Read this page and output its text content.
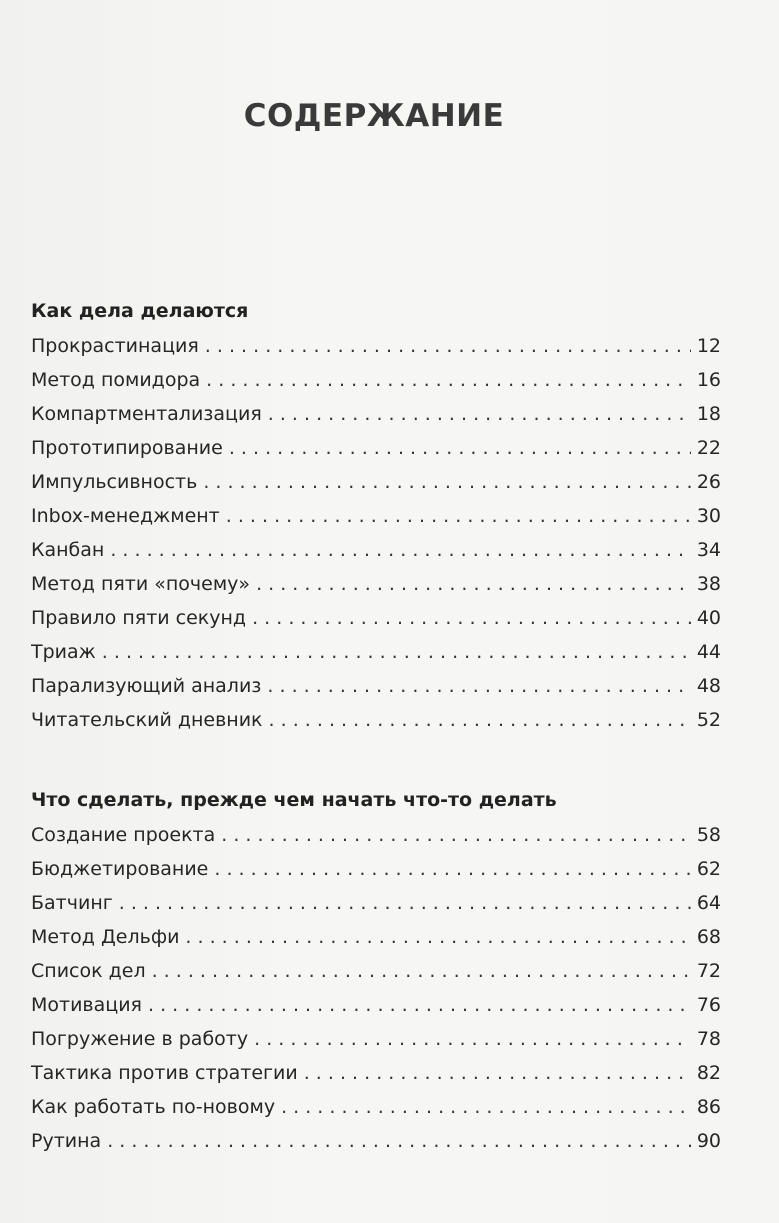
СОДЕРЖАНИЕ
Как дела делаются
Прокрастинация . . .	12
Метод помидора . . .	16
Компартментализация . . .	18
Прототипирование . . .	22
Импульсивность . . .	26
Inbox-менеджмент . . .	30
Канбан . . .	34
Метод пяти «почему» . . .	38
Правило пяти секунд . . .	40
Триаж . . .	44
Парализующий анализ . . .	48
Читательский дневник . . .	52
Что сделать, прежде чем начать что-то делать
Создание проекта . . .	58
Бюджетирование . . .	62
Батчинг . . .	64
Метод Дельфи . . .	68
Список дел . . .	72
Мотивация . . .	76
Погружение в работу . . .	78
Тактика против стратегии . . .	82
Как работать по-новому . . .	86
Рутина . . .	90
